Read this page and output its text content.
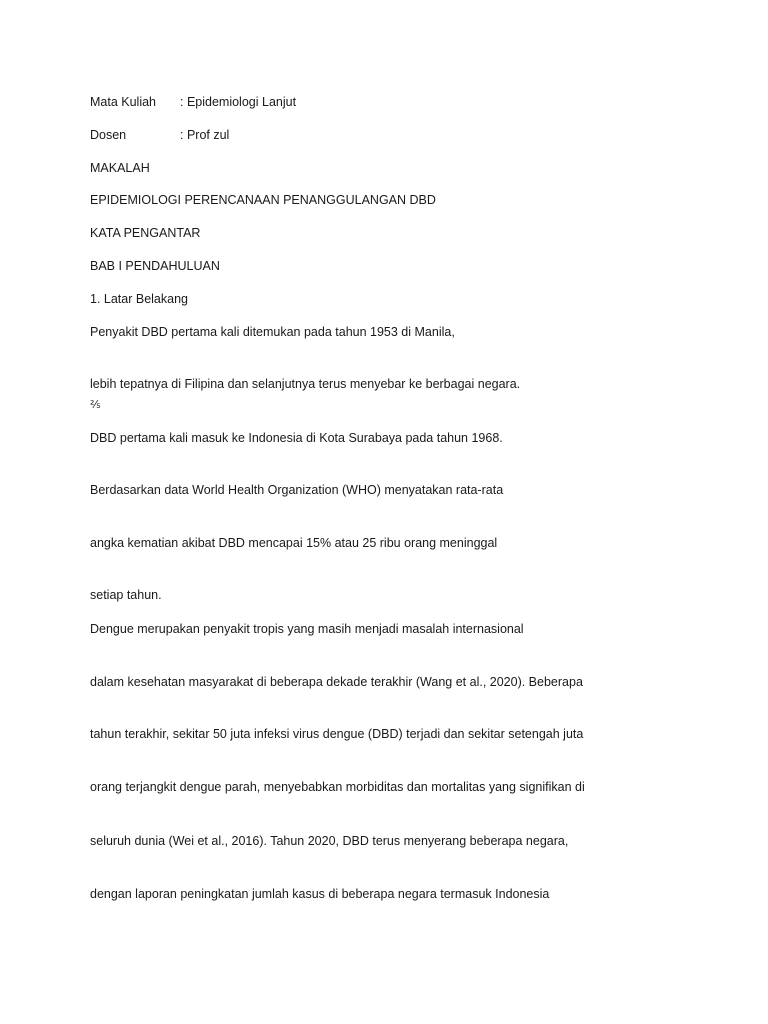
Mata Kuliah : Epidemiologi Lanjut
Dosen	: Prof zul
MAKALAH
EPIDEMIOLOGI PERENCANAAN PENANGGULANGAN DBD
KATA PENGANTAR
BAB I PENDAHULUAN
1. Latar Belakang
Penyakit DBD pertama kali ditemukan pada tahun 1953 di Manila,
lebih tepatnya di Filipina dan selanjutnya terus menyebar ke berbagai negara.
⅖
DBD pertama kali masuk ke Indonesia di Kota Surabaya pada tahun 1968.
Berdasarkan data World Health Organization (WHO) menyatakan rata-rata
angka kematian akibat DBD mencapai 15% atau 25 ribu orang meninggal
setiap tahun.
Dengue merupakan penyakit tropis yang masih menjadi masalah internasional
dalam kesehatan masyarakat di beberapa dekade terakhir (Wang et al., 2020). Beberapa
tahun terakhir, sekitar 50 juta infeksi virus dengue (DBD) terjadi dan sekitar setengah juta
orang terjangkit dengue parah, menyebabkan morbiditas dan mortalitas yang signifikan di
seluruh dunia (Wei et al., 2016). Tahun 2020, DBD terus menyerang beberapa negara,
dengan laporan peningkatan jumlah kasus di beberapa negara termasuk Indonesia
